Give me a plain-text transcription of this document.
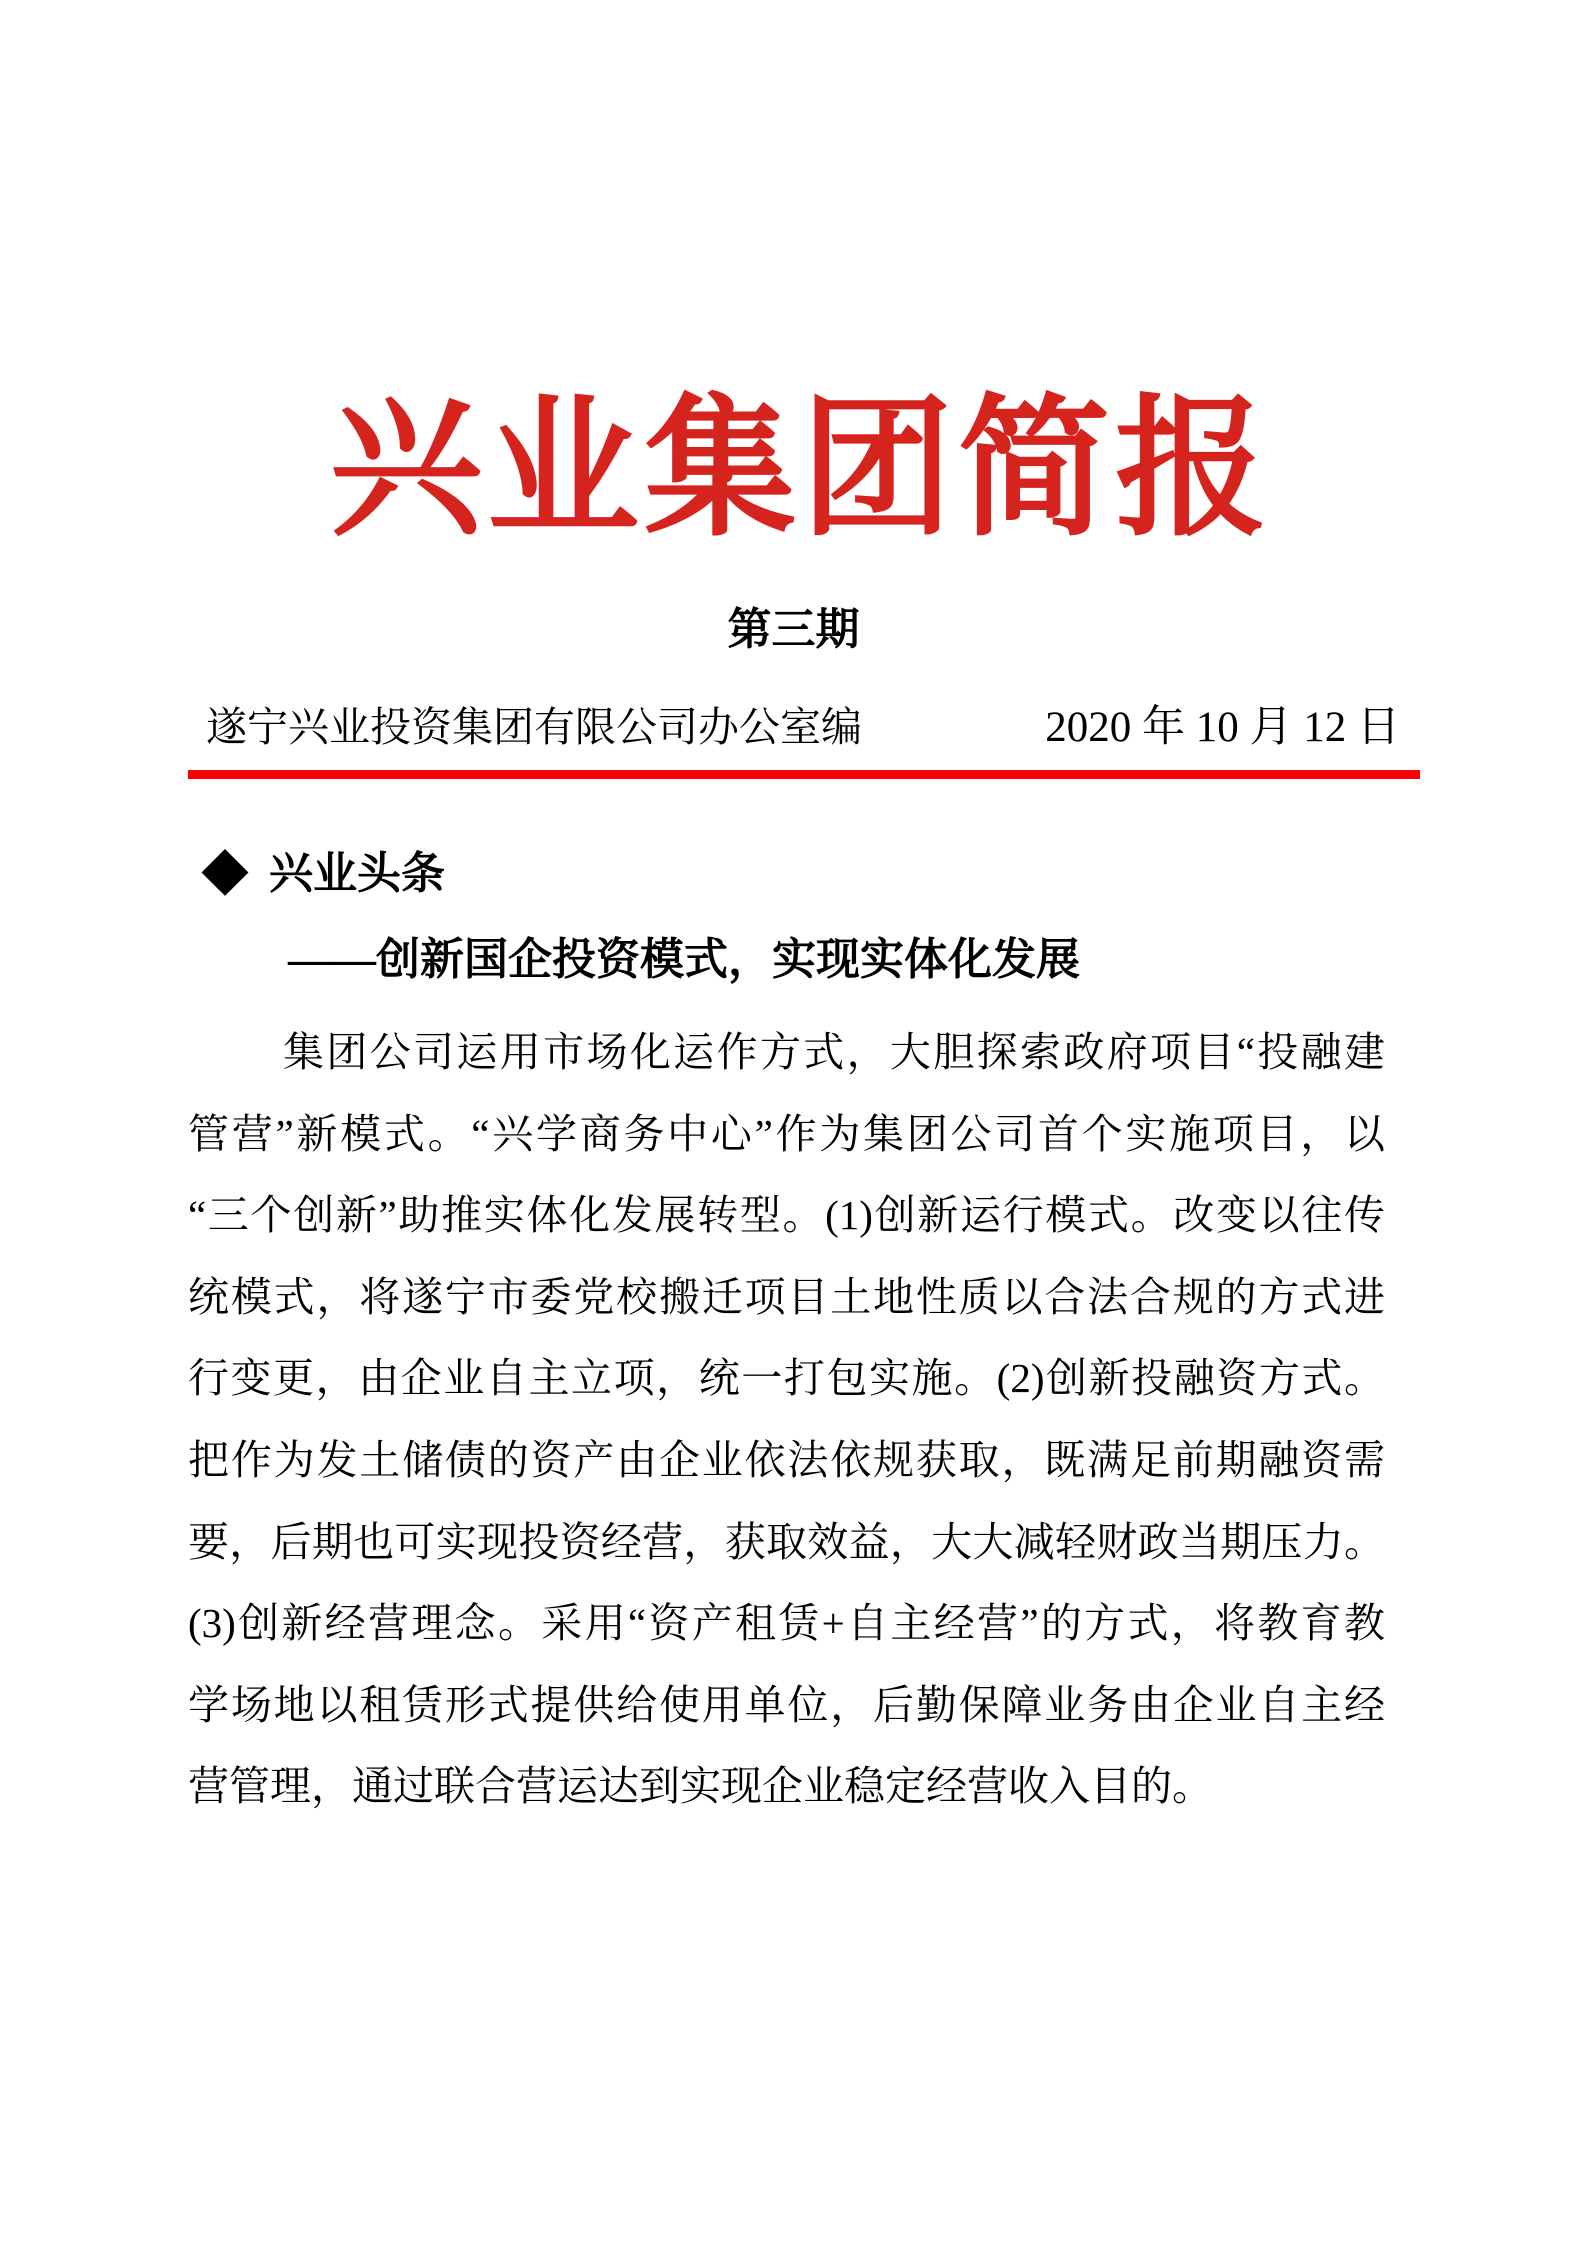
兴业集团简报
第三期
遂宁兴业投资集团有限公司办公室编	2020 年 10 月 12 日
◆ 兴业头条
——创新国企投资模式，实现实体化发展
集团公司运用市场化运作方式，大胆探索政府项目“投融建
管营”新模式。“兴学商务中心”作为集团公司首个实施项目，以
“三个创新”助推实体化发展转型。(1)创新运行模式。改变以往传
统模式，将遂宁市委党校搬迁项目土地性质以合法合规的方式进
行变更，由企业自主立项，统一打包实施。(2)创新投融资方式。
把作为发土储债的资产由企业依法依规获取，既满足前期融资需
要，后期也可实现投资经营，获取效益，大大减轻财政当期压力。
(3)创新经营理念。采用“资产租赁+自主经营”的方式，将教育教
学场地以租赁形式提供给使用单位，后勤保障业务由企业自主经
营管理，通过联合营运达到实现企业稳定经营收入目的。
